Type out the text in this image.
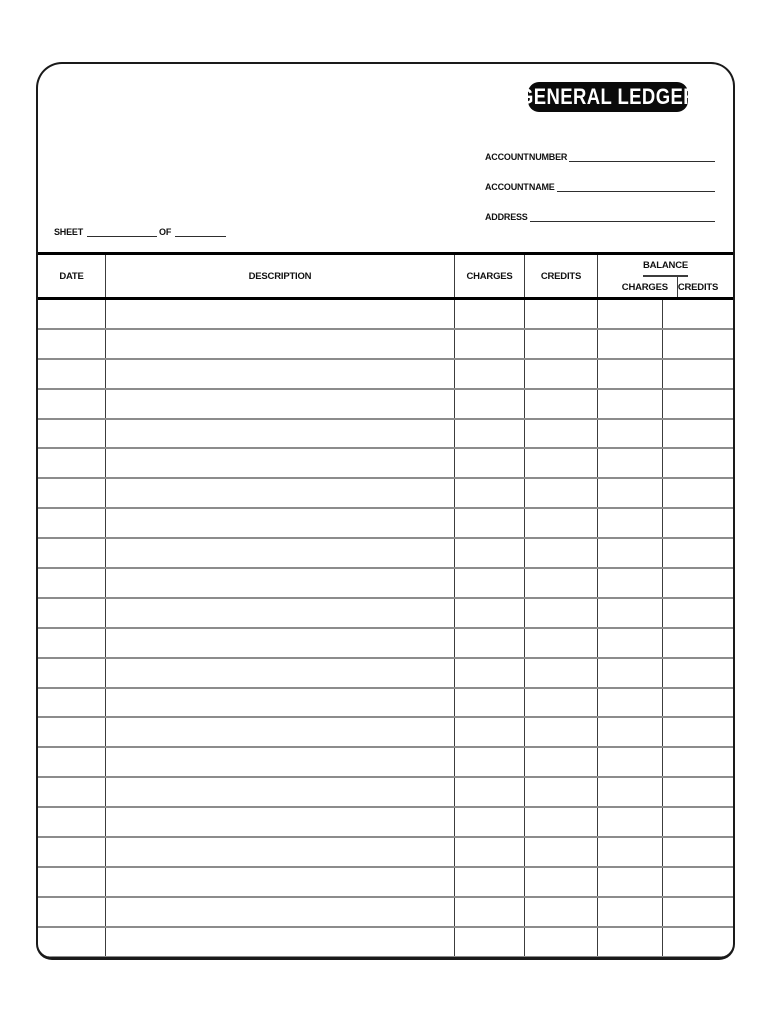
GENERAL LEDGER
ACCOUNT NUMBER
ACCOUNT NAME
ADDRESS
SHEET	OF
DATE	DESCRIPTION	CHARGES	CREDITS
BALANCE
CHARGES	CREDITS
